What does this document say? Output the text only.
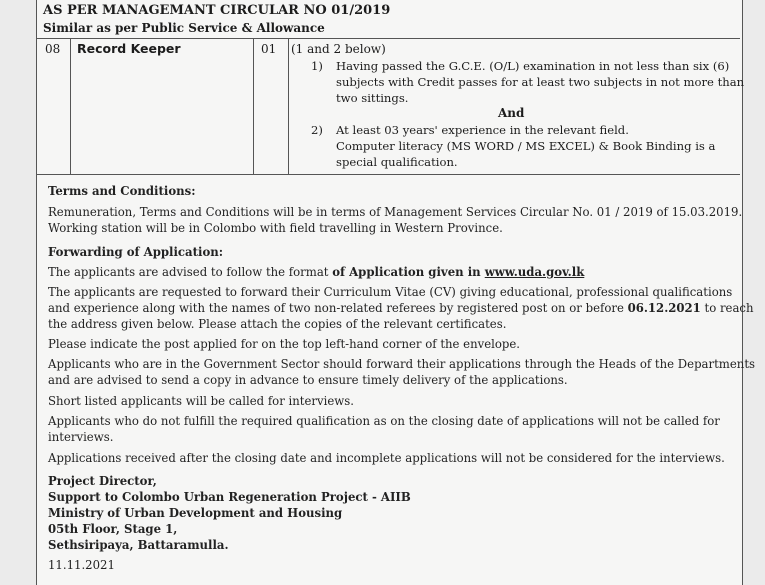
AS PER MANAGEMANT CIRCULAR NO 01/2019
Similar as per Public Service & Allowance
08 Record Keeper	01 (1 and 2 below)
1) Having passed the G.C.E. (O/L) examination in not less than six (6)
subjects with Credit passes for at least two subjects in not more than
two sittings.
And
2) At least 03 years' experience in the relevant field.
Computer literacy (MS WORD / MS EXCEL) & Book Binding is a
special qualification.
Terms and Conditions:
Remuneration, Terms and Conditions will be in terms of Management Services Circular No. 01 / 2019 of 15.03.2019.
Working station will be in Colombo with field travelling in Western Province.
Forwarding of Application:
The applicants are advised to follow the format of Application given in www.uda.gov.lk
The applicants are requested to forward their Curriculum Vitae (CV) giving educational, professional qualifications
and experience along with the names of two non-related referees by registered post on or before 06.12.2021 to reach
the address given below. Please attach the copies of the relevant certificates.
Please indicate the post applied for on the top left-hand corner of the envelope.
Applicants who are in the Government Sector should forward their applications through the Heads of the Departments
and are advised to send a copy in advance to ensure timely delivery of the applications.
Short listed applicants will be called for interviews.
Applicants who do not fulfill the required qualification as on the closing date of applications will not be called for
interviews.
Applications received after the closing date and incomplete applications will not be considered for the interviews.
Project Director,
Support to Colombo Urban Regeneration Project - AIIB
Ministry of Urban Development and Housing
05th Floor, Stage 1,
Sethsiripaya, Battaramulla.
11.11.2021
